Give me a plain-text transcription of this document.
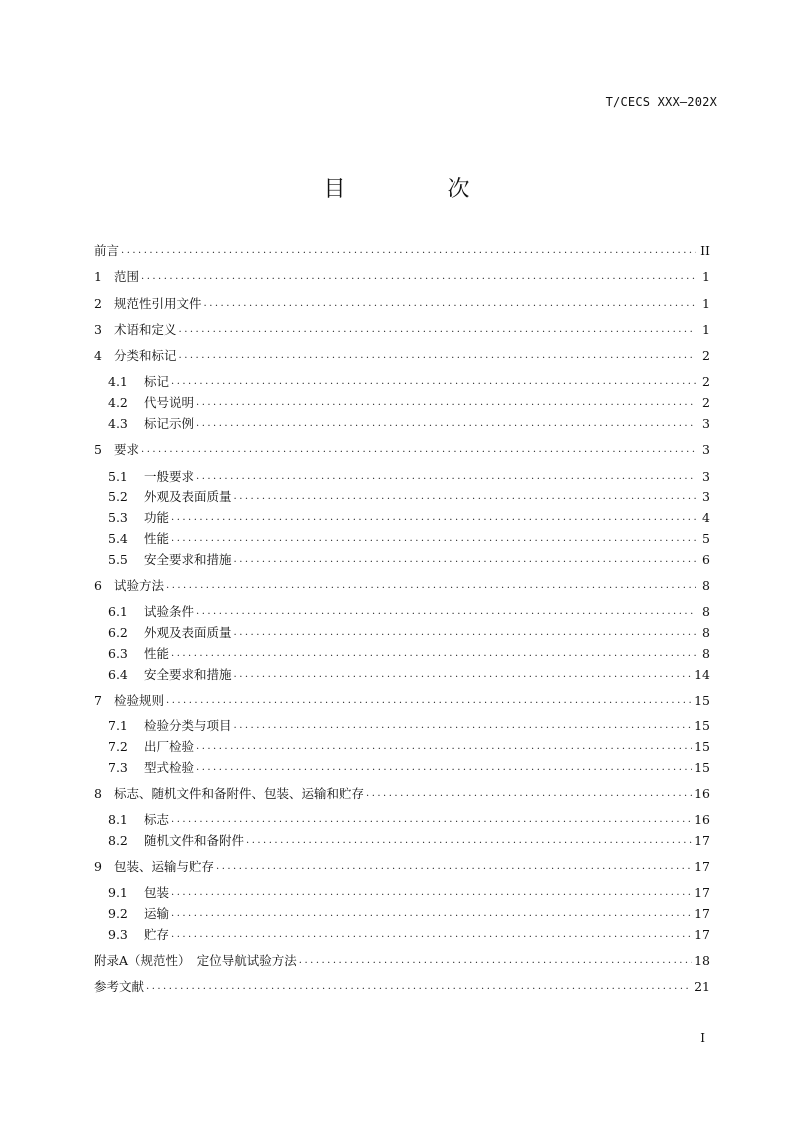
T/CECS XXX—202X
目　次
前言 .....	II
1 范围 .....	1
2 规范性引用文件 .....	1
3 术语和定义 .....	1
4 分类和标记 .....	2
4.1	标记 .....	2
4.2	代号说明 .....	2
4.3	标记示例 .....	3
5 要求 .....	3
5.1	一般要求 .....	3
5.2	外观及表面质量 .....	3
5.3	功能 .....	4
5.4	性能 .....	5
5.5	安全要求和措施 .....	6
6 试验方法 .....	8
6.1	试验条件 .....	8
6.2	外观及表面质量 .....	8
6.3	性能 .....	8
6.4	安全要求和措施 .....	14
7 检验规则 .....	15
7.1	检验分类与项目 .....	15
7.2	出厂检验 .....	15
7.3	型式检验 .....	15
8 标志、随机文件和备附件、包装、运输和贮存 .....	16
8.1	标志 .....	16
8.2	随机文件和备附件 .....	17
9 包装、运输与贮存 .....	17
9.1	包装 .....	17
9.2	运输 .....	17
9.3	贮存 .....	17
附录A（规范性）　定位导航试验方法 .....	18
参考文献 .....	21
I
